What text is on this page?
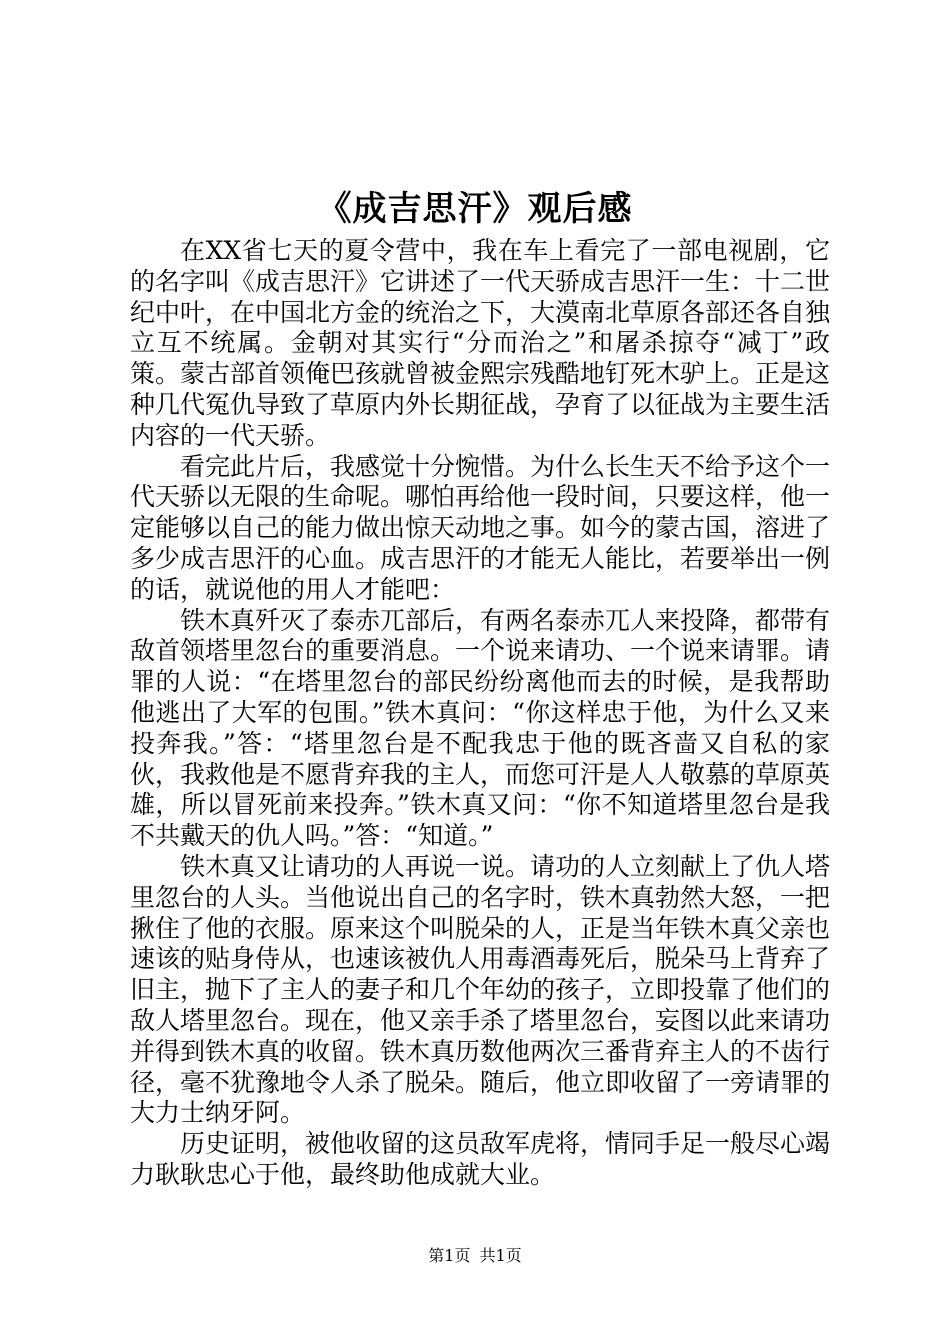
《成吉思汗》观后感

在XX省七天的夏令营中，我在车上看完了一部电视剧，它的名字叫《成吉思汗》它讲述了一代天骄成吉思汗一生：十二世纪中叶，在中国北方金的统治之下，大漠南北草原各部还各自独立互不统属。金朝对其实行“分而治之”和屠杀掠夺“减丁”政策。蒙古部首领俺巴孩就曾被金熙宗残酷地钉死木驴上。正是这种几代冤仇导致了草原内外长期征战，孕育了以征战为主要生活内容的一代天骄。

看完此片后，我感觉十分惋惜。为什么长生天不给予这个一代天骄以无限的生命呢。哪怕再给他一段时间，只要这样，他一定能够以自己的能力做出惊天动地之事。如今的蒙古国，溶进了多少成吉思汗的心血。成吉思汗的才能无人能比，若要举出一例的话，就说他的用人才能吧：

铁木真歼灭了泰赤兀部后，有两名泰赤兀人来投降，都带有敌首领塔里忽台的重要消息。一个说来请功、一个说来请罪。请罪的人说：“在塔里忽台的部民纷纷离他而去的时候，是我帮助他逃出了大军的包围。”铁木真问：“你这样忠于他，为什么又来投奔我。”答：“塔里忽台是不配我忠于他的既吝啬又自私的家伙，我救他是不愿背弃我的主人，而您可汗是人人敬慕的草原英雄，所以冒死前来投奔。”铁木真又问：“你不知道塔里忽台是我不共戴天的仇人吗。”答：“知道。”

铁木真又让请功的人再说一说。请功的人立刻献上了仇人塔里忽台的人头。当他说出自己的名字时，铁木真勃然大怒，一把揪住了他的衣服。原来这个叫脱朵的人，正是当年铁木真父亲也速该的贴身侍从，也速该被仇人用毒酒毒死后，脱朵马上背弃了旧主，抛下了主人的妻子和几个年幼的孩子，立即投靠了他们的敌人塔里忽台。现在，他又亲手杀了塔里忽台，妄图以此来请功并得到铁木真的收留。铁木真历数他两次三番背弃主人的不齿行径，毫不犹豫地令人杀了脱朵。随后，他立即收留了一旁请罪的大力士纳牙阿。

历史证明，被他收留的这员敌军虎将，情同手足一般尽心竭力耿耿忠心于他，最终助他成就大业。

第1页 共1页
